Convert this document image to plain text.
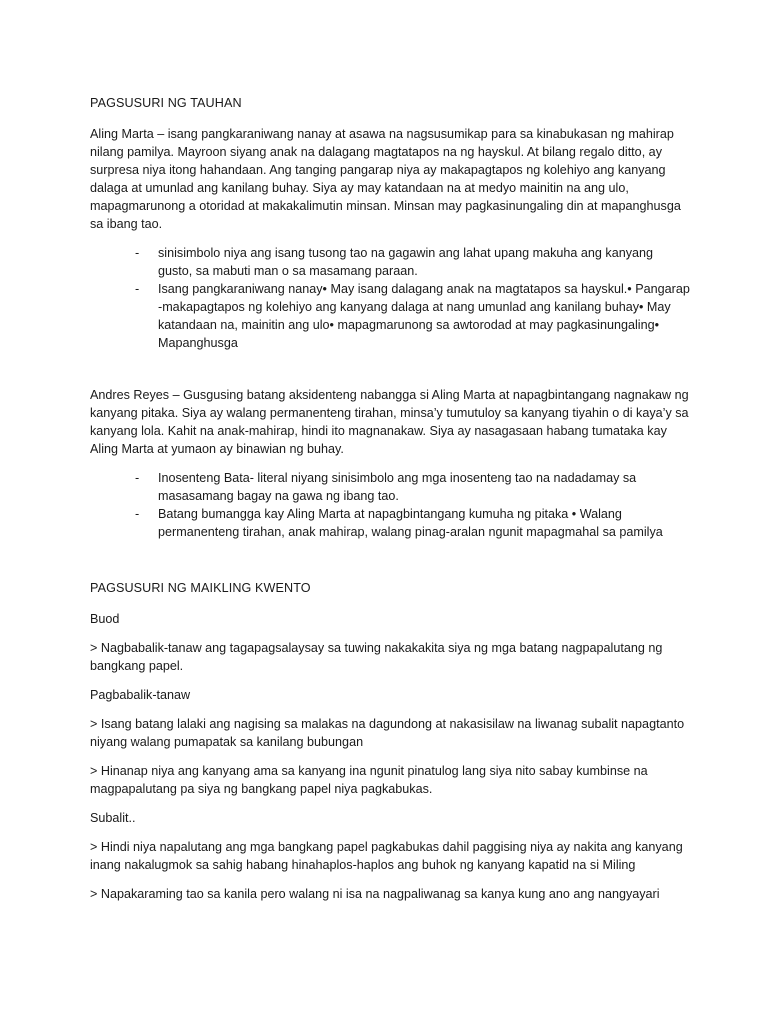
PAGSUSURI NG TAUHAN
Aling Marta – isang pangkaraniwang nanay at asawa na nagsusumikap para sa kinabukasan ng mahirap nilang pamilya. Mayroon siyang anak na dalagang magtatapos na ng hayskul. At bilang regalo ditto, ay surpresa niya itong hahandaan. Ang tanging pangarap niya ay makapagtapos ng kolehiyo ang kanyang dalaga at umunlad ang kanilang buhay. Siya ay may katandaan na at medyo mainitin na ang ulo, mapagmarunong a otoridad at makakalimutin minsan. Minsan may pagkasinungaling din at mapanghusga sa ibang tao.
- sinisimbolo niya ang isang tusong tao na gagawin ang lahat upang makuha ang kanyang gusto, sa mabuti man o sa masamang paraan.
- Isang pangkaraniwang nanay• May isang dalagang anak na magtatapos sa hayskul.• Pangarap -makapagtapos ng kolehiyo ang kanyang dalaga at nang umunlad ang kanilang buhay• May katandaan na, mainitin ang ulo• mapagmarunong sa awtorodad at may pagkasinungaling• Mapanghusga
Andres Reyes – Gusgusing batang aksidenteng nabangga si Aling Marta at napagbintangang nagnakaw ng kanyang pitaka. Siya ay walang permanenteng tirahan, minsa’y tumutuloy sa kanyang tiyahin o di kaya’y sa kanyang lola. Kahit na anak-mahirap, hindi ito magnanakaw. Siya ay nasagasaan habang tumataka kay Aling Marta at yumaon ay binawian ng buhay.
- Inosenteng Bata- literal niyang sinisimbolo ang mga inosenteng tao na nadadamay sa masasamang bagay na gawa ng ibang tao.
- Batang bumangga kay Aling Marta at napagbintangang kumuha ng pitaka • Walang permanenteng tirahan, anak mahirap, walang pinag-aralan ngunit mapagmahal sa pamilya
PAGSUSURI NG MAIKLING KWENTO
Buod
> Nagbabalik-tanaw ang tagapagsalaysay sa tuwing nakakakita siya ng mga batang nagpapalutang ng bangkang papel.
Pagbabalik-tanaw
> Isang batang lalaki ang nagising sa malakas na dagundong at nakasisilaw na liwanag subalit napagtanto niyang walang pumapatak sa kanilang bubungan
> Hinanap niya ang kanyang ama sa kanyang ina ngunit pinatulog lang siya nito sabay kumbinse na magpapalutang pa siya ng bangkang papel niya pagkabukas.
Subalit..
> Hindi niya napalutang ang mga bangkang papel pagkabukas dahil paggising niya ay nakita ang kanyang inang nakalugmok sa sahig habang hinahaplos-haplos ang buhok ng kanyang kapatid na si Miling
> Napakaraming tao sa kanila pero walang ni isa na nagpaliwanag sa kanya kung ano ang nangyayari
